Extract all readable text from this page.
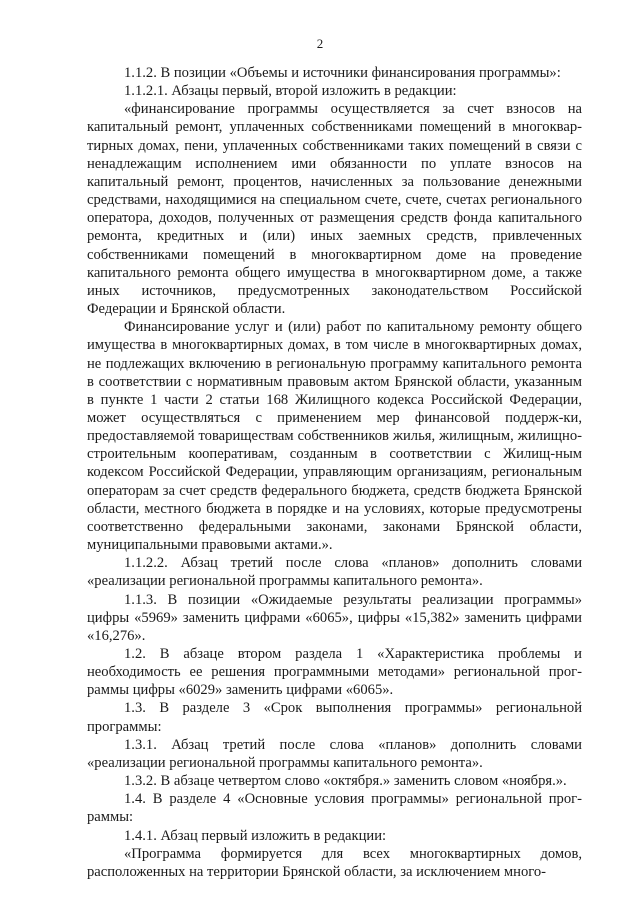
2

1.1.2. В позиции «Объемы и источники финансирования программы»:

1.1.2.1. Абзацы первый, второй изложить в редакции:

«финансирование программы осуществляется за счет взносов на капитальный ремонт, уплаченных собственниками помещений в многоквар-тирных домах, пени, уплаченных собственниками таких помещений в связи с ненадлежащим исполнением ими обязанности по уплате взносов на капитальный ремонт, процентов, начисленных за пользование денежными средствами, находящимися на специальном счете, счете, счетах регионального оператора, доходов, полученных от размещения средств фонда капитального ремонта, кредитных и (или) иных заемных средств, привлеченных собственниками помещений в многоквартирном доме на проведение капитального ремонта общего имущества в многоквартирном доме, а также иных источников, предусмотренных законодательством Российской Федерации и Брянской области.

Финансирование услуг и (или) работ по капитальному ремонту общего имущества в многоквартирных домах, в том числе в многоквартирных домах, не подлежащих включению в региональную программу капитального ремонта в соответствии с нормативным правовым актом Брянской области, указанным в пункте 1 части 2 статьи 168 Жилищного кодекса Российской Федерации, может осуществляться с применением мер финансовой поддерж-ки, предоставляемой товариществам собственников жилья, жилищным, жилищно-строительным кооперативам, созданным в соответствии с Жилищ-ным кодексом Российской Федерации, управляющим организациям, региональным операторам за счет средств федерального бюджета, средств бюджета Брянской области, местного бюджета в порядке и на условиях, которые предусмотрены соответственно федеральными законами, законами Брянской области, муниципальными правовыми актами.».

1.1.2.2. Абзац третий после слова «планов» дополнить словами «реализации региональной программы капитального ремонта».

1.1.3. В позиции «Ожидаемые результаты реализации программы» цифры «5969» заменить цифрами «6065», цифры «15,382» заменить цифрами «16,276».

1.2. В абзаце втором раздела 1 «Характеристика проблемы и необходимость ее решения программными методами» региональной прог-раммы цифры «6029» заменить цифрами «6065».

1.3. В разделе 3 «Срок выполнения программы» региональной программы:

1.3.1. Абзац третий после слова «планов» дополнить словами «реализации региональной программы капитального ремонта».

1.3.2. В абзаце четвертом слово «октября.» заменить словом «ноября.».

1.4. В разделе 4 «Основные условия программы» региональной прог-раммы:

1.4.1. Абзац первый изложить в редакции:

«Программа формируется для всех многоквартирных домов, расположенных на территории Брянской области, за исключением много-
